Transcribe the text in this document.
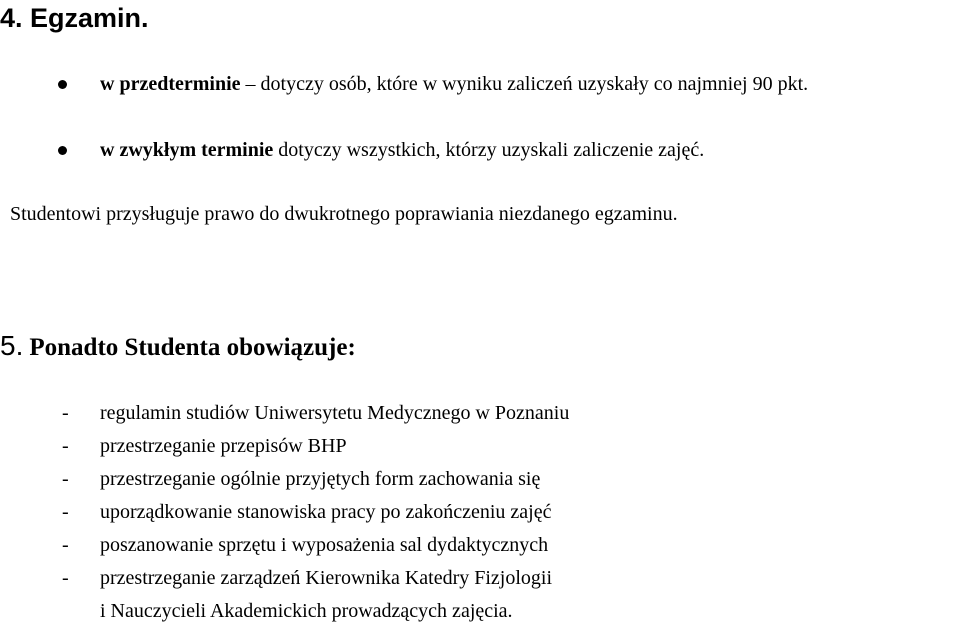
4. Egzamin.
w przedterminie – dotyczy osób, które w wyniku zaliczeń uzyskały co najmniej 90 pkt.
w zwykłym terminie dotyczy wszystkich, którzy uzyskali zaliczenie zajęć.
Studentowi przysługuje prawo do dwukrotnego poprawiania niezdanego egzaminu.
5. Ponadto Studenta obowiązuje:
- regulamin studiów Uniwersytetu Medycznego w Poznaniu
- przestrzeganie przepisów BHP
- przestrzeganie ogólnie przyjętych form zachowania się
- uporządkowanie stanowiska pracy po zakończeniu zajęć
- poszanowanie sprzętu i wyposażenia sal dydaktycznych
- przestrzeganie zarządzeń Kierownika Katedry Fizjologii
i Nauczycieli Akademickich prowadzących zajęcia.
